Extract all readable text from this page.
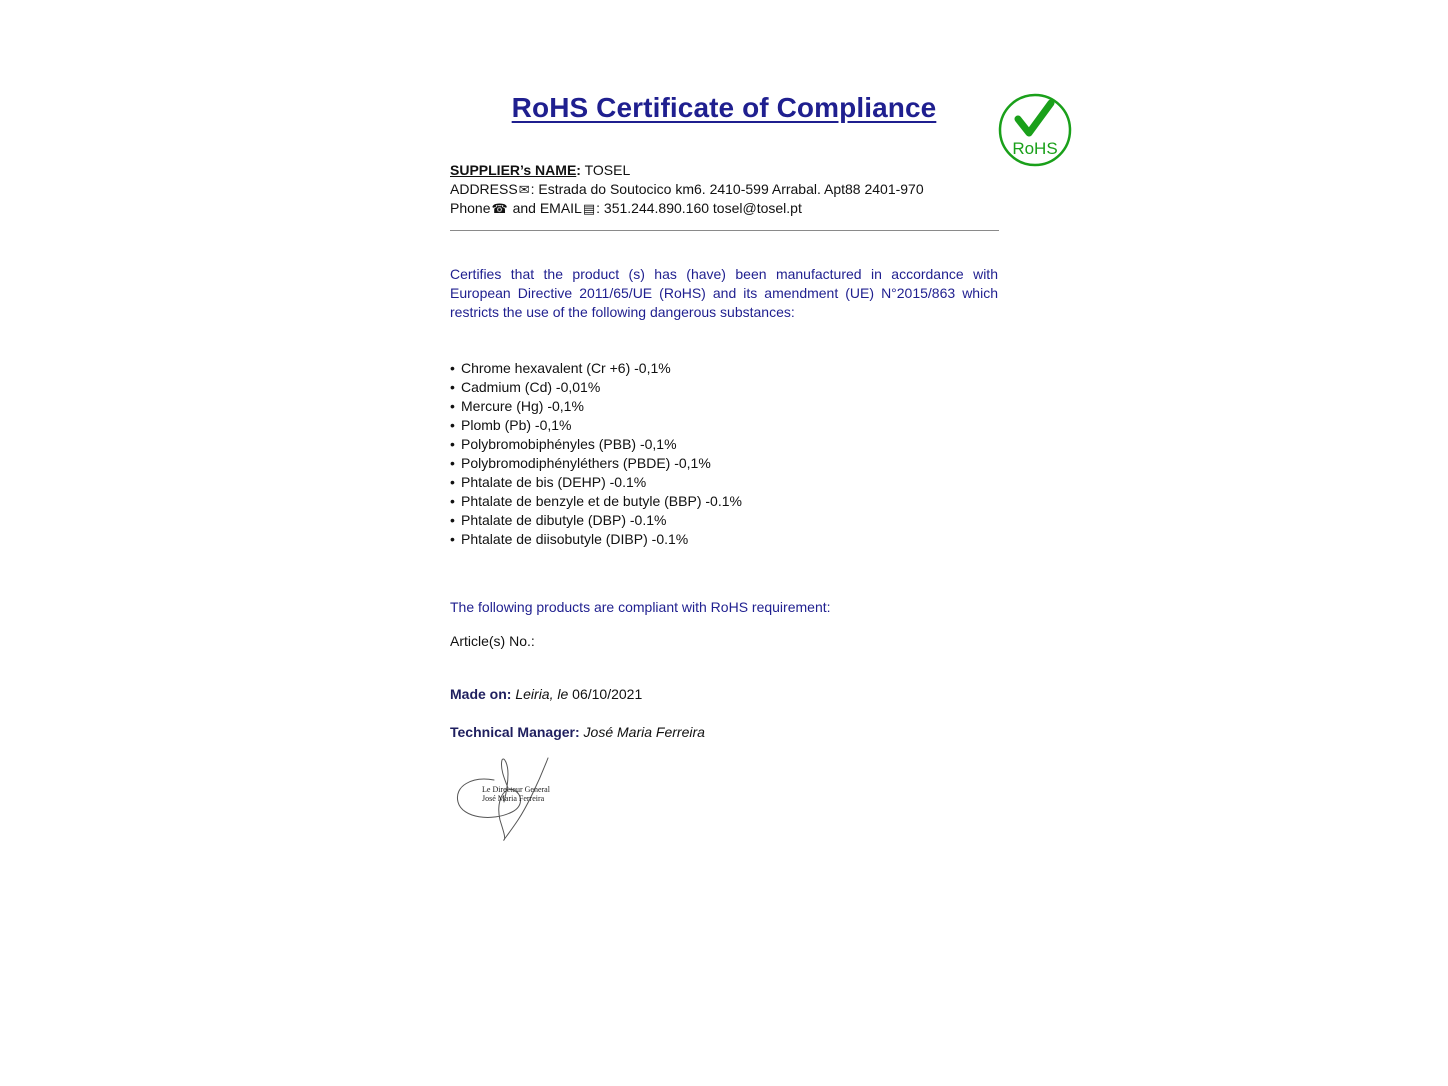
RoHS Certificate of Compliance
RoHS
SUPPLIER’s NAME: TOSEL
ADDRESS✉: Estrada do Soutocico km6. 2410-599 Arrabal. Apt88 2401-970
Phone☎ and EMAIL▤: 351.244.890.160 tosel@tosel.pt
Certifies that the product (s) has (have) been manufactured in accordance with European Directive 2011/65/UE (RoHS) and its amendment (UE) N°2015/863 which restricts the use of the following dangerous substances:
• Chrome hexavalent (Cr +6) -0,1%
• Cadmium (Cd) -0,01%
• Mercure (Hg) -0,1%
• Plomb (Pb) -0,1%
• Polybromobiphényles (PBB) -0,1%
• Polybromodiphényléthers (PBDE) -0,1%
• Phtalate de bis (DEHP) -0.1%
• Phtalate de benzyle et de butyle (BBP) -0.1%
• Phtalate de dibutyle (DBP) -0.1%
• Phtalate de diisobutyle (DIBP) -0.1%
The following products are compliant with RoHS requirement:
Article(s) No.:
Made on: Leiria, le 06/10/2021
Technical Manager: José Maria Ferreira
Le Directeur General
José Maria Ferreira
